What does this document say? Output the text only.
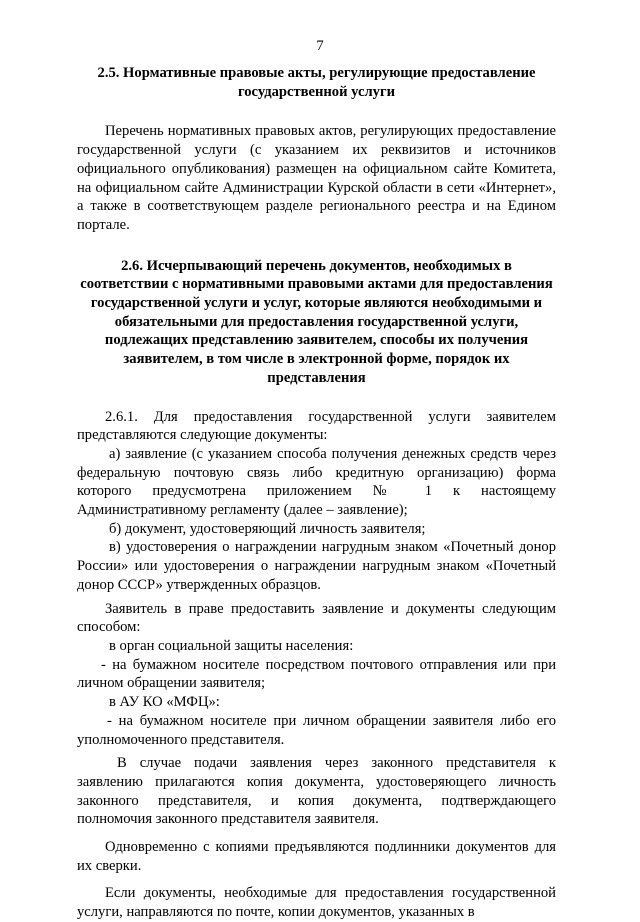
7
2.5. Нормативные правовые акты, регулирующие предоставление государственной услуги

Перечень нормативных правовых актов, регулирующих предоставление государственной услуги (с указанием их реквизитов и источников официального опубликования) размещен на официальном сайте Комитета, на официальном сайте Администрации Курской области в сети «Интернет», а также в соответствующем разделе регионального реестра и на Едином портале.

2.6. Исчерпывающий перечень документов, необходимых в соответствии с нормативными правовыми актами для предоставления государственной услуги и услуг, которые являются необходимыми и обязательными для предоставления государственной услуги, подлежащих представлению заявителем, способы их получения заявителем, в том числе в электронной форме, порядок их представления

2.6.1. Для предоставления государственной услуги заявителем представляются следующие документы:

а) заявление (с указанием способа получения денежных средств через федеральную почтовую связь либо кредитную организацию) форма которого предусмотрена приложением № 1 к настоящему Административному регламенту (далее – заявление);

б) документ, удостоверяющий личность заявителя;

в) удостоверения о награждении нагрудным знаком «Почетный донор России» или удостоверения о награждении нагрудным знаком «Почетный донор СССР» утвержденных образцов.

Заявитель в праве предоставить заявление и документы следующим способом:

в орган социальной защиты населения:

- на бумажном носителе посредством почтового отправления или при личном обращении заявителя;

в АУ КО «МФЦ»:

- на бумажном носителе при личном обращении заявителя либо его уполномоченного представителя.

В случае подачи заявления через законного представителя к заявлению прилагаются копия документа, удостоверяющего личность законного представителя, и копия документа, подтверждающего полномочия законного представителя заявителя.

Одновременно с копиями предъявляются подлинники документов для их сверки.

Если документы, необходимые для предоставления государственной услуги, направляются по почте, копии документов, указанных в
